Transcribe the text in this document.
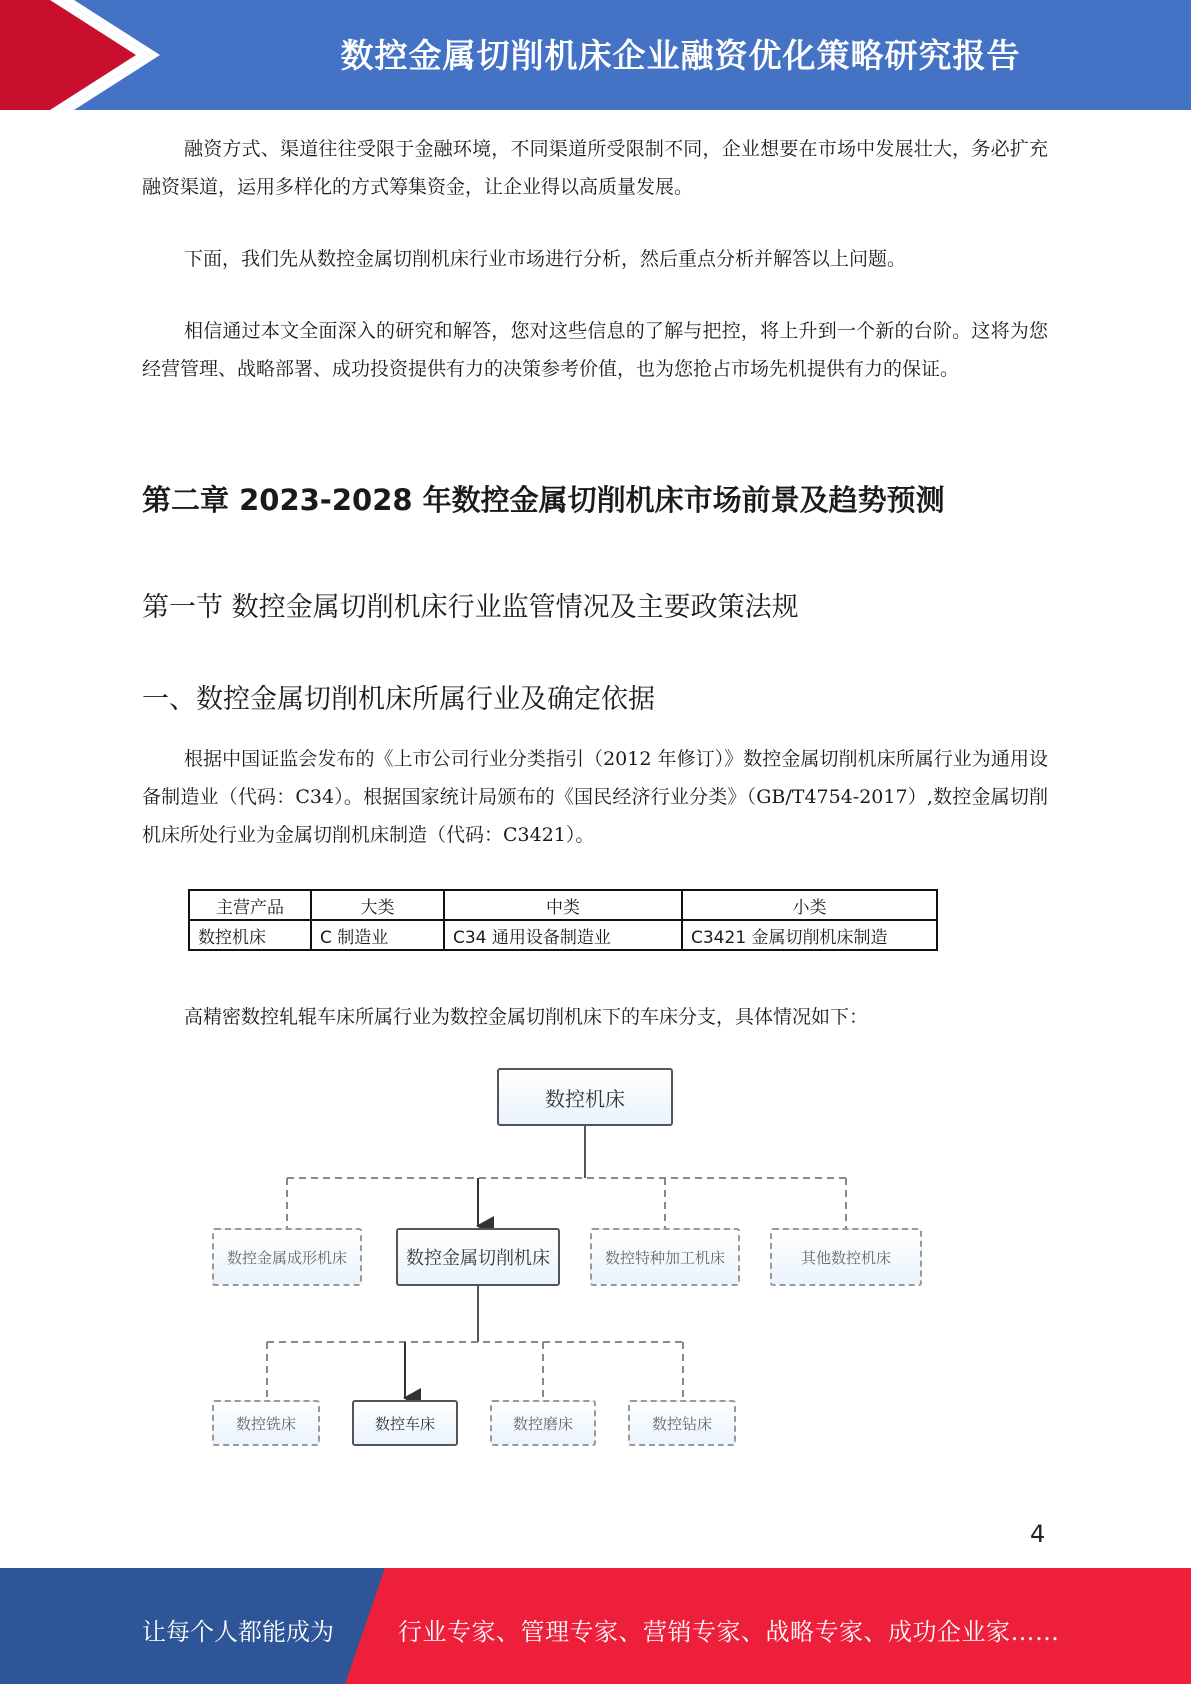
数控金属切削机床企业融资优化策略研究报告

融资方式、渠道往往受限于金融环境，不同渠道所受限制不同，企业想要在市场中发展壮大，务必扩充融资渠道，运用多样化的方式筹集资金，让企业得以高质量发展。

下面，我们先从数控金属切削机床行业市场进行分析，然后重点分析并解答以上问题。

相信通过本文全面深入的研究和解答，您对这些信息的了解与把控，将上升到一个新的台阶。这将为您经营管理、战略部署、成功投资提供有力的决策参考价值，也为您抢占市场先机提供有力的保证。

第二章 2023-2028 年数控金属切削机床市场前景及趋势预测
第一节 数控金属切削机床行业监管情况及主要政策法规
一、数控金属切削机床所属行业及确定依据

根据中国证监会发布的《上市公司行业分类指引（2012 年修订）》数控金属切削机床所属行业为通用设备制造业（代码：C34）。根据国家统计局颁布的《国民经济行业分类》（GB/T4754-2017）,数控金属切削机床所处行业为金属切削机床制造（代码：C3421）。

主营产品	大类	中类	小类
数控机床	C 制造业	C34 通用设备制造业	C3421 金属切削机床制造

高精密数控轧辊车床所属行业为数控金属切削机床下的车床分支，具体情况如下：

数控机床
数控金属成形机床	数控金属切削机床	数控特种加工机床	其他数控机床
数控铣床	数控车床	数控磨床	数控钻床
4
让每个人都能成为	行业专家、管理专家、营销专家、战略专家、成功企业家……
